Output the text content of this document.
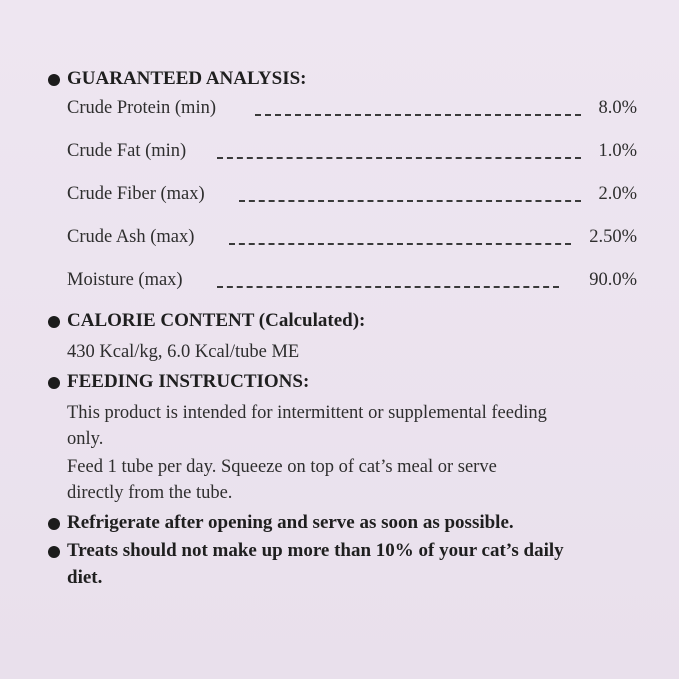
GUARANTEED ANALYSIS:
Crude Protein (min)	8.0%
Crude Fat (min)	1.0%
Crude Fiber (max)	2.0%
Crude Ash (max)	2.50%
Moisture (max)	90.0%
CALORIE CONTENT (Calculated):
430 Kcal/kg, 6.0 Kcal/tube ME
FEEDING INSTRUCTIONS:
This product is intended for intermittent or supplemental feeding
only.
Feed 1 tube per day. Squeeze on top of cat’s meal or serve
directly from the tube.
Refrigerate after opening and serve as soon as possible.
Treats should not make up more than 10% of your cat’s daily
diet.
